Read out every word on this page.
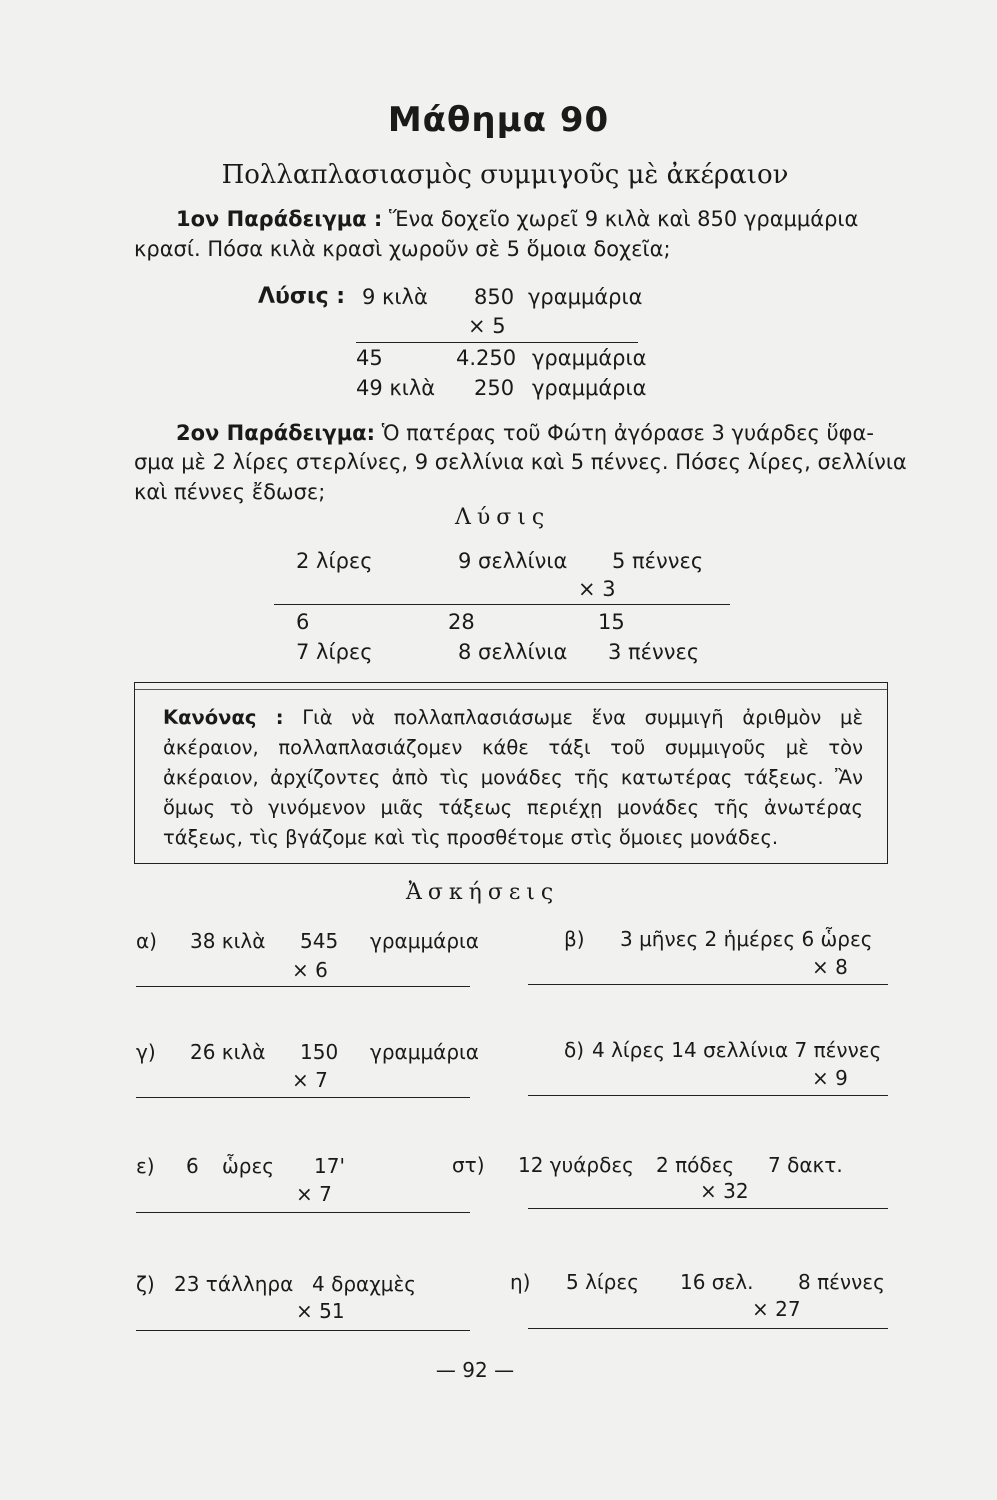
Μάθημα 90
Πολλαπλασιασμὸς συμμιγοῦς μὲ ἀκέραιον
1ον Παράδειγμα : Ἕνα δοχεῖο χωρεῖ 9 κιλὰ καὶ 850 γραμμάρια
κρασί. Πόσα κιλὰ κρασὶ χωροῦν σὲ 5 ὅμοια δοχεῖα;
Λύσις : 9 κιλὰ 850 γραμμάρια
× 5
45	4.250 γραμμάρια
49 κιλὰ 250 γραμμάρια
2ον Παράδειγμα: Ὁ πατέρας τοῦ Φώτη ἀγόρασε 3 γυάρδες ὕφα-
σμα μὲ 2 λίρες στερλίνες, 9 σελλίνια καὶ 5 πέννες. Πόσες λίρες, σελλίνια
καὶ πέννες ἔδωσε;
Λύσις
2 λίρες	9 σελλίνια 5 πέννες
× 3
6	28	15
7 λίρες	8 σελλίνια 3 πέννες
Κανόνας : Γιὰ νὰ πολλαπλασιάσωμε ἕνα συμμιγῆ ἀριθμὸν μὲ ἀκέραιον, πολλαπλασιάζομεν κάθε τάξι τοῦ συμμιγοῦς μὲ τὸν ἀκέραιον, ἀρχίζοντες ἀπὸ τὶς μονάδες τῆς κατωτέρας τάξεως. Ἂν ὅμως τὸ γινόμενον μιᾶς τάξεως περιέχῃ μονάδες τῆς ἀνωτέρας τάξεως, τὶς βγάζομε καὶ τὶς προσθέτομε στὶς ὅμοιες μονάδες.
Ἀσκήσεις
α) 38 κιλὰ 545 γραμμάρια
× 6
β) 3 μῆνες 2 ἡμέρες 6 ὧρες
× 8
γ) 26 κιλὰ 150 γραμμάρια
× 7
δ) 4 λίρες 14 σελλίνια 7 πέννες
× 9
ε) 6 ὧρες 17'
× 7
στ) 12 γυάρδες 2 πόδες 7 δακτ.
× 32
ζ) 23 τάλληρα 4 δραχμὲς
× 51
η) 5 λίρες 16 σελ. 8 πέννες
× 27
— 92 —
